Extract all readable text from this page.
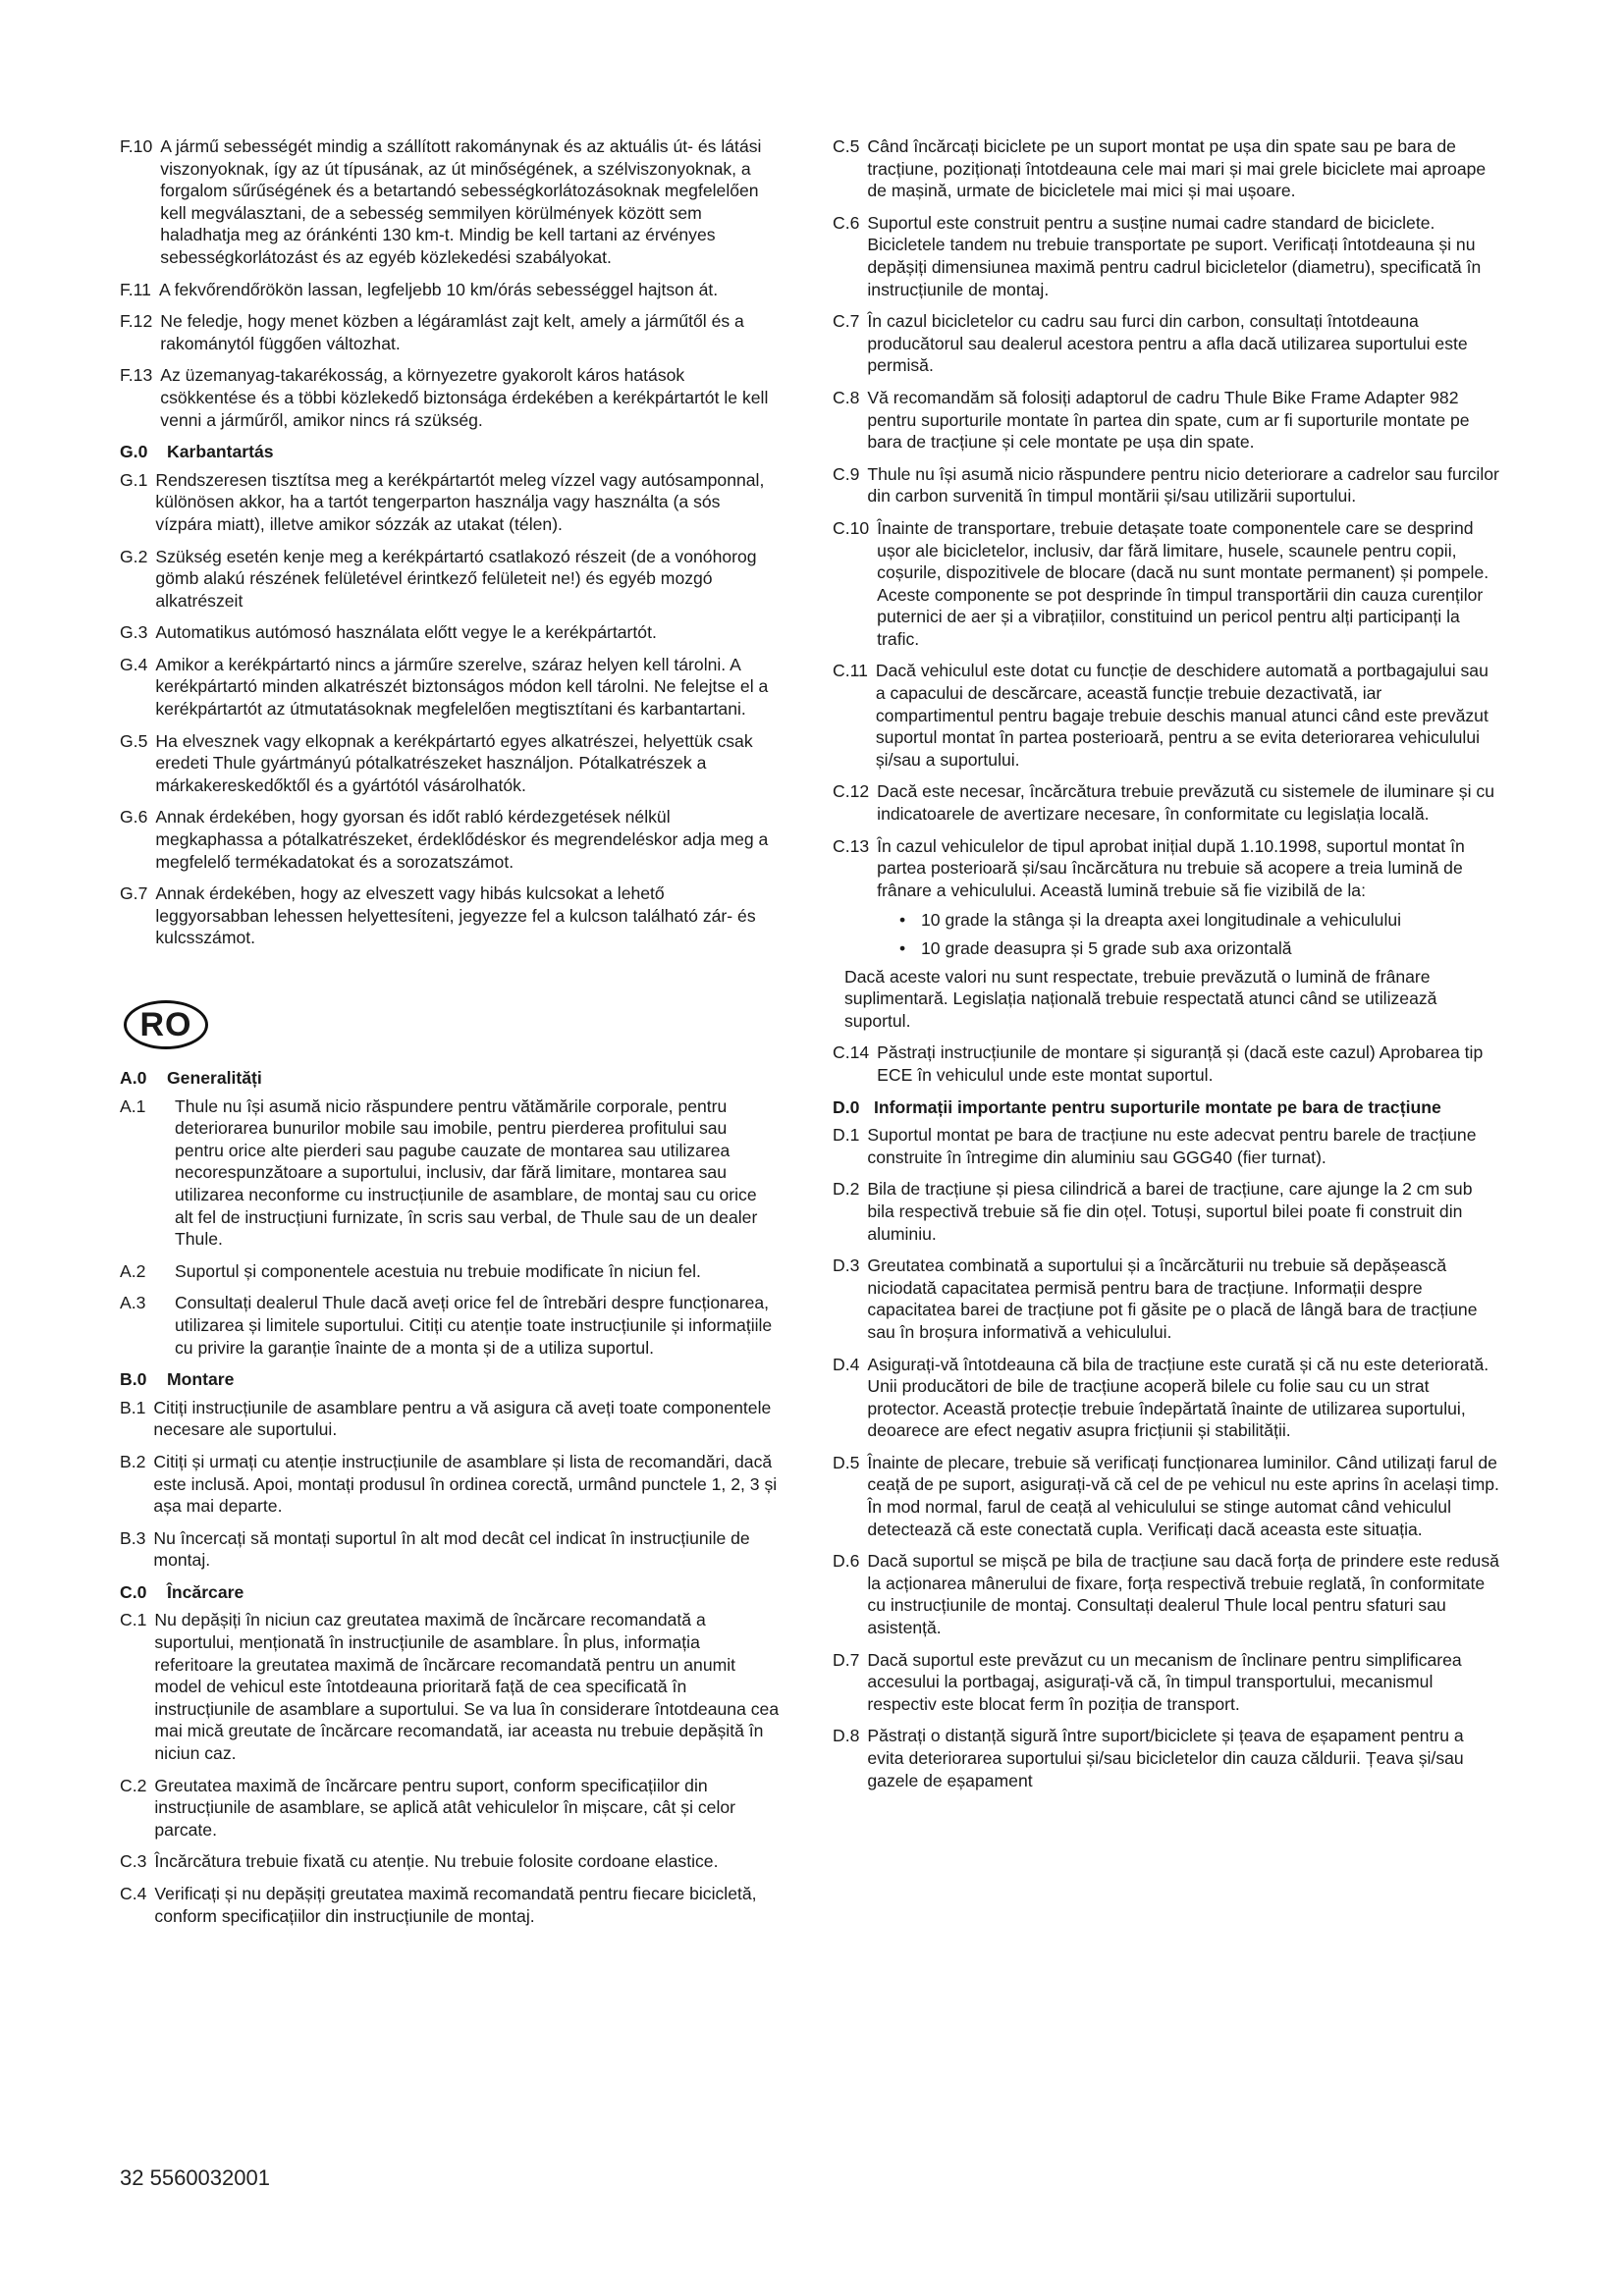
F.10 A jármű sebességét mindig a szállított rakománynak és az aktuális út- és látási viszonyoknak, így az út típusának, az út minőségének, a szélviszonyoknak, a forgalom sűrűségének és a betartandó sebességkorlátozásoknak megfelelően kell megválasztani, de a sebesség semmilyen körülmények között sem haladhatja meg az óránkénti 130 km-t. Mindig be kell tartani az érvényes sebességkorlátozást és az egyéb közlekedési szabályokat.
F.11 A fekvőrendőrökön lassan, legfeljebb 10 km/órás sebességgel hajtson át.
F.12 Ne feledje, hogy menet közben a légáramlást zajt kelt, amely a járműtől és a rakománytól függően változhat.
F.13 Az üzemanyag-takarékosság, a környezetre gyakorolt káros hatások csökkentése és a többi közlekedő biztonsága érdekében a kerékpártartót le kell venni a járműről, amikor nincs rá szükség.
G.0	Karbantartás
G.1 Rendszeresen tisztítsa meg a kerékpártartót meleg vízzel vagy autósamponnal, különösen akkor, ha a tartót tengerparton használja vagy használta (a sós vízpára miatt), illetve amikor sózzák az utakat (télen).
G.2 Szükség esetén kenje meg a kerékpártartó csatlakozó részeit (de a vonóhorog gömb alakú részének felületével érintkező felületeit ne!) és egyéb mozgó alkatrészeit
G.3 Automatikus autómosó használata előtt vegye le a kerékpártartót.
G.4 Amikor a kerékpártartó nincs a járműre szerelve, száraz helyen kell tárolni. A kerékpártartó minden alkatrészét biztonságos módon kell tárolni. Ne felejtse el a kerékpártartót az útmutatásoknak megfelelően megtisztítani és karbantartani.
G.5 Ha elvesznek vagy elkopnak a kerékpártartó egyes alkatrészei, helyettük csak eredeti Thule gyártmányú pótalkatrészeket használjon. Pótalkatrészek a márkakereskedőktől és a gyártótól vásárolhatók.
G.6 Annak érdekében, hogy gyorsan és időt rabló kérdezgetések nélkül megkaphassa a pótalkatrészeket, érdeklődéskor és megrendeléskor adja meg a megfelelő termékadatokat és a sorozatszámot.
G.7 Annak érdekében, hogy az elveszett vagy hibás kulcsokat a lehető leggyorsabban lehessen helyettesíteni, jegyezze fel a kulcson található zár- és kulcsszámot.
RO
A.0	Generalități
A.1	Thule nu își asumă nicio răspundere pentru vătămările corporale, pentru deteriorarea bunurilor mobile sau imobile, pentru pierderea profitului sau pentru orice alte pierderi sau pagube cauzate de montarea sau utilizarea necorespunzătoare a suportului, inclusiv, dar fără limitare, montarea sau utilizarea neconforme cu instrucțiunile de asamblare, de montaj sau cu orice alt fel de instrucțiuni furnizate, în scris sau verbal, de Thule sau de un dealer Thule.
A.2	Suportul și componentele acestuia nu trebuie modificate în niciun fel.
A.3	Consultați dealerul Thule dacă aveți orice fel de întrebări despre funcționarea, utilizarea și limitele suportului. Citiți cu atenție toate instrucțiunile și informațiile cu privire la garanție înainte de a monta și de a utiliza suportul.
B.0	Montare
B.1 Citiți instrucțiunile de asamblare pentru a vă asigura că aveți toate componentele necesare ale suportului.
B.2 Citiți și urmați cu atenție instrucțiunile de asamblare și lista de recomandări, dacă este inclusă. Apoi, montați produsul în ordinea corectă, urmând punctele 1, 2, 3 și așa mai departe.
B.3 Nu încercați să montați suportul în alt mod decât cel indicat în instrucțiunile de montaj.
C.0	Încărcare
C.1 Nu depășiți în niciun caz greutatea maximă de încărcare recomandată a suportului, menționată în instrucțiunile de asamblare. În plus, informația referitoare la greutatea maximă de încărcare recomandată pentru un anumit model de vehicul este întotdeauna prioritară față de cea specificată în instrucțiunile de asamblare a suportului. Se va lua în considerare întotdeauna cea mai mică greutate de încărcare recomandată, iar aceasta nu trebuie depășită în niciun caz.
C.2 Greutatea maximă de încărcare pentru suport, conform specificațiilor din instrucțiunile de asamblare, se aplică atât vehiculelor în mișcare, cât și celor parcate.
C.3 Încărcătura trebuie fixată cu atenție. Nu trebuie folosite cordoane elastice.
C.4 Verificați și nu depășiți greutatea maximă recomandată pentru fiecare bicicletă, conform specificațiilor din instrucțiunile de montaj.
C.5 Când încărcați biciclete pe un suport montat pe ușa din spate sau pe bara de tracțiune, poziționați întotdeauna cele mai mari și mai grele biciclete mai aproape de mașină, urmate de bicicletele mai mici și mai ușoare.
C.6 Suportul este construit pentru a susține numai cadre standard de biciclete. Bicicletele tandem nu trebuie transportate pe suport. Verificați întotdeauna și nu depășiți dimensiunea maximă pentru cadrul bicicletelor (diametru), specificată în instrucțiunile de montaj.
C.7 În cazul bicicletelor cu cadru sau furci din carbon, consultați întotdeauna producătorul sau dealerul acestora pentru a afla dacă utilizarea suportului este permisă.
C.8 Vă recomandăm să folosiți adaptorul de cadru Thule Bike Frame Adapter 982 pentru suporturile montate în partea din spate, cum ar fi suporturile montate pe bara de tracțiune și cele montate pe ușa din spate.
C.9 Thule nu își asumă nicio răspundere pentru nicio deteriorare a cadrelor sau furcilor din carbon survenită în timpul montării și/sau utilizării suportului.
C.10 Înainte de transportare, trebuie detașate toate componentele care se desprind ușor ale bicicletelor, inclusiv, dar fără limitare, husele, scaunele pentru copii, coșurile, dispozitivele de blocare (dacă nu sunt montate permanent) și pompele. Aceste componente se pot desprinde în timpul transportării din cauza curenților puternici de aer și a vibrațiilor, constituind un pericol pentru alți participanți la trafic.
C.11 Dacă vehiculul este dotat cu funcție de deschidere automată a portbagajului sau a capacului de descărcare, această funcție trebuie dezactivată, iar compartimentul pentru bagaje trebuie deschis manual atunci când este prevăzut suportul montat în partea posterioară, pentru a se evita deteriorarea vehiculului și/sau a suportului.
C.12 Dacă este necesar, încărcătura trebuie prevăzută cu sistemele de iluminare și cu indicatoarele de avertizare necesare, în conformitate cu legislația locală.
C.13 În cazul vehiculelor de tipul aprobat inițial după 1.10.1998, suportul montat în partea posterioară și/sau încărcătura nu trebuie să acopere a treia lumină de frânare a vehiculului. Această lumină trebuie să fie vizibilă de la:
• 10 grade la stânga și la dreapta axei longitudinale a vehiculului
• 10 grade deasupra și 5 grade sub axa orizontală
Dacă aceste valori nu sunt respectate, trebuie prevăzută o lumină de frânare suplimentară. Legislația națională trebuie respectată atunci când se utilizează suportul.
C.14 Păstrați instrucțiunile de montare și siguranță și (dacă este cazul) Aprobarea tip ECE în vehiculul unde este montat suportul.
D.0 Informații importante pentru suporturile montate pe bara de tracțiune
D.1 Suportul montat pe bara de tracțiune nu este adecvat pentru barele de tracțiune construite în întregime din aluminiu sau GGG40 (fier turnat).
D.2 Bila de tracțiune și piesa cilindrică a barei de tracțiune, care ajunge la 2 cm sub bila respectivă trebuie să fie din oțel. Totuși, suportul bilei poate fi construit din aluminiu.
D.3 Greutatea combinată a suportului și a încărcăturii nu trebuie să depășească niciodată capacitatea permisă pentru bara de tracțiune. Informații despre capacitatea barei de tracțiune pot fi găsite pe o placă de lângă bara de tracțiune sau în broșura informativă a vehiculului.
D.4 Asigurați-vă întotdeauna că bila de tracțiune este curată și că nu este deteriorată. Unii producători de bile de tracțiune acoperă bilele cu folie sau cu un strat protector. Această protecție trebuie îndepărtată înainte de utilizarea suportului, deoarece are efect negativ asupra fricțiunii și stabilității.
D.5 Înainte de plecare, trebuie să verificați funcționarea luminilor. Când utilizați farul de ceață de pe suport, asigurați-vă că cel de pe vehicul nu este aprins în același timp. În mod normal, farul de ceață al vehiculului se stinge automat când vehiculul detectează că este conectată cupla. Verificați dacă aceasta este situația.
D.6 Dacă suportul se mișcă pe bila de tracțiune sau dacă forța de prindere este redusă la acționarea mânerului de fixare, forța respectivă trebuie reglată, în conformitate cu instrucțiunile de montaj. Consultați dealerul Thule local pentru sfaturi sau asistență.
D.7 Dacă suportul este prevăzut cu un mecanism de înclinare pentru simplificarea accesului la portbagaj, asigurați-vă că, în timpul transportului, mecanismul respectiv este blocat ferm în poziția de transport.
D.8 Păstrați o distanță sigură între suport/biciclete și țeava de eșapament pentru a evita deteriorarea suportului și/sau bicicletelor din cauza căldurii. Țeava și/sau gazele de eșapament
32 5560032001
